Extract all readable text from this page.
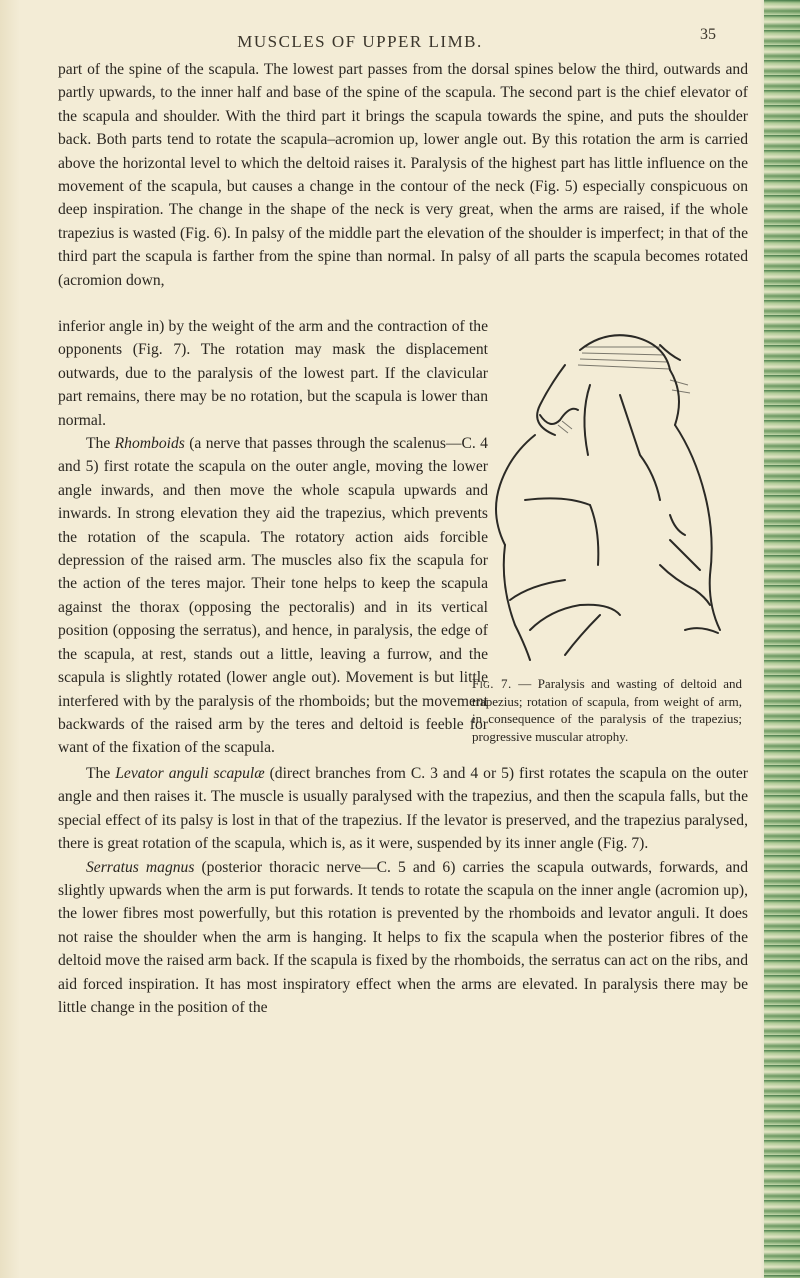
MUSCLES OF UPPER LIMB.	35

part of the spine of the scapula. The lowest part passes from the dorsal spines below the third, outwards and partly upwards, to the inner half and base of the spine of the scapula. The second part is the chief elevator of the scapula and shoulder. With the third part it brings the scapula towards the spine, and puts the shoulder back. Both parts tend to rotate the scapula–acromion up, lower angle out. By this rotation the arm is carried above the horizontal level to which the deltoid raises it. Paralysis of the highest part has little influence on the movement of the scapula, but causes a change in the contour of the neck (Fig. 5) especially conspicuous on deep inspiration. The change in the shape of the neck is very great, when the arms are raised, if the whole trapezius is wasted (Fig. 6). In palsy of the middle part the elevation of the shoulder is imperfect; in that of the third part the scapula is farther from the spine than normal. In palsy of all parts the scapula becomes rotated (acromion down,

inferior angle in) by the weight of the arm and the contraction of the opponents (Fig. 7). The rotation may mask the displacement outwards, due to the paralysis of the lowest part. If the clavicular part remains, there may be no rotation, but the scapula is lower than normal.

The Rhomboids (a nerve that passes through the scalenus—C. 4 and 5) first rotate the scapula on the outer angle, moving the lower angle inwards, and then move the whole scapula upwards and inwards. In strong elevation they aid the trapezius, which prevents the rotation of the scapula. The rotatory action aids forcible depression of the raised arm. The muscles also fix the scapula for the action of the teres major. Their tone helps to keep the scapula against the thorax (opposing the pectoralis) and in its vertical position (opposing the serratus), and hence, in paralysis, the edge of the scapula, at rest, stands out a little, leaving a furrow, and the scapula is slightly rotated (lower angle out). Movement is but little interfered with by the paralysis of the rhomboids; but the movement backwards of the raised arm by the teres and deltoid is feeble for want of the fixation of the scapula.

Fig. 7. — Paralysis and wasting of deltoid and trapezius; rotation of scapula, from weight of arm, in consequence of the paralysis of the trapezius; progressive muscular atrophy.

The Levator anguli scapulæ (direct branches from C. 3 and 4 or 5) first rotates the scapula on the outer angle and then raises it. The muscle is usually paralysed with the trapezius, and then the scapula falls, but the special effect of its palsy is lost in that of the trapezius. If the levator is preserved, and the trapezius paralysed, there is great rotation of the scapula, which is, as it were, suspended by its inner angle (Fig. 7).

Serratus magnus (posterior thoracic nerve—C. 5 and 6) carries the scapula outwards, forwards, and slightly upwards when the arm is put forwards. It tends to rotate the scapula on the inner angle (acromion up), the lower fibres most powerfully, but this rotation is prevented by the rhomboids and levator anguli. It does not raise the shoulder when the arm is hanging. It helps to fix the scapula when the posterior fibres of the deltoid move the raised arm back. If the scapula is fixed by the rhomboids, the serratus can act on the ribs, and aid forced inspiration. It has most inspiratory effect when the arms are elevated. In paralysis there may be little change in the position of the
